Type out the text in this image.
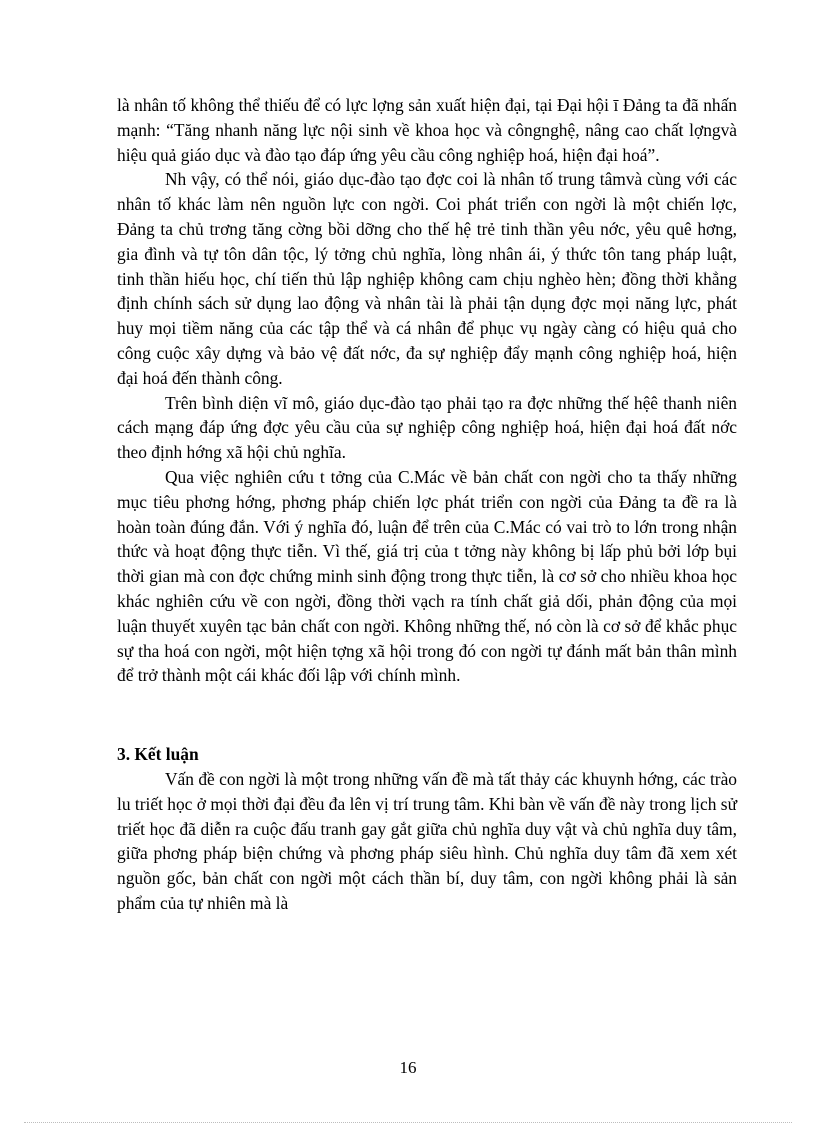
là nhân tố không thể thiếu để có lực lợng sản xuất hiện đại, tại Đại hội ī Đảng ta đã nhấn mạnh: “Tăng nhanh năng lực nội sinh về khoa học và côngnghệ, nâng cao chất lợngvà hiệu quả giáo dục và đào tạo đáp ứng yêu cầu công nghiệp hoá, hiện đại hoá”.

Nh vậy, có thể nói, giáo dục-đào tạo đợc coi là nhân tố trung tâmvà cùng với các nhân tố khác làm nên nguồn lực con ngời. Coi phát triển con ngời là một chiến lợc, Đảng ta chủ trơng tăng cờng bồi dỡng cho thế hệ trẻ tinh thần yêu nớc, yêu quê hơng, gia đình và tự tôn dân tộc, lý tởng chủ nghĩa, lòng nhân ái, ý thức tôn tang pháp luật, tinh thần hiếu học, chí tiến thủ lập nghiệp không cam chịu nghèo hèn; đồng thời khẳng định chính sách sử dụng lao động và nhân tài là phải tận dụng đợc mọi năng lực, phát huy mọi tiềm năng của các tập thể và cá nhân để phục vụ ngày càng có hiệu quả cho công cuộc xây dựng và bảo vệ đất nớc, đa sự nghiệp đẩy mạnh công nghiệp hoá, hiện đại hoá đến thành công.

Trên bình diện vĩ mô, giáo dục-đào tạo phải tạo ra đợc những thế hệê thanh niên cách mạng đáp ứng đợc yêu cầu của sự nghiệp công nghiệp hoá, hiện đại hoá đất nớc theo định hớng xã hội chủ nghĩa.

Qua việc nghiên cứu t tởng của C.Mác về bản chất con ngời cho ta thấy những mục tiêu phơng hớng, phơng pháp chiến lợc phát triển con ngời của Đảng ta đề ra là hoàn toàn đúng đắn. Với ý nghĩa đó, luận để trên của C.Mác có vai trò to lớn trong nhận thức và hoạt động thực tiễn. Vì thế, giá trị của t tởng này không bị lấp phủ bởi lớp bụi thời gian mà con đợc chứng minh sinh động trong thực tiễn, là cơ sở cho nhiều khoa học khác nghiên cứu về con ngời, đồng thời vạch ra tính chất giả dối, phản động của mọi luận thuyết xuyên tạc bản chất con ngời. Không những thế, nó còn là cơ sở để khắc phục sự tha hoá con ngời, một hiện tợng xã hội trong đó con ngời tự đánh mất bản thân mình để trở thành một cái khác đối lập với chính mình.

3. Kết luận

Vấn đề con ngời là một trong những vấn đề mà tất thảy các khuynh hớng, các trào lu triết học ở mọi thời đại đều đa lên vị trí trung tâm. Khi bàn về vấn đề này trong lịch sử triết học đã diễn ra cuộc đấu tranh gay gắt giữa chủ nghĩa duy vật và chủ nghĩa duy tâm, giữa phơng pháp biện chứng và phơng pháp siêu hình. Chủ nghĩa duy tâm đã xem xét nguồn gốc, bản chất con ngời một cách thần bí, duy tâm, con ngời không phải là sản phẩm của tự nhiên mà là

16
